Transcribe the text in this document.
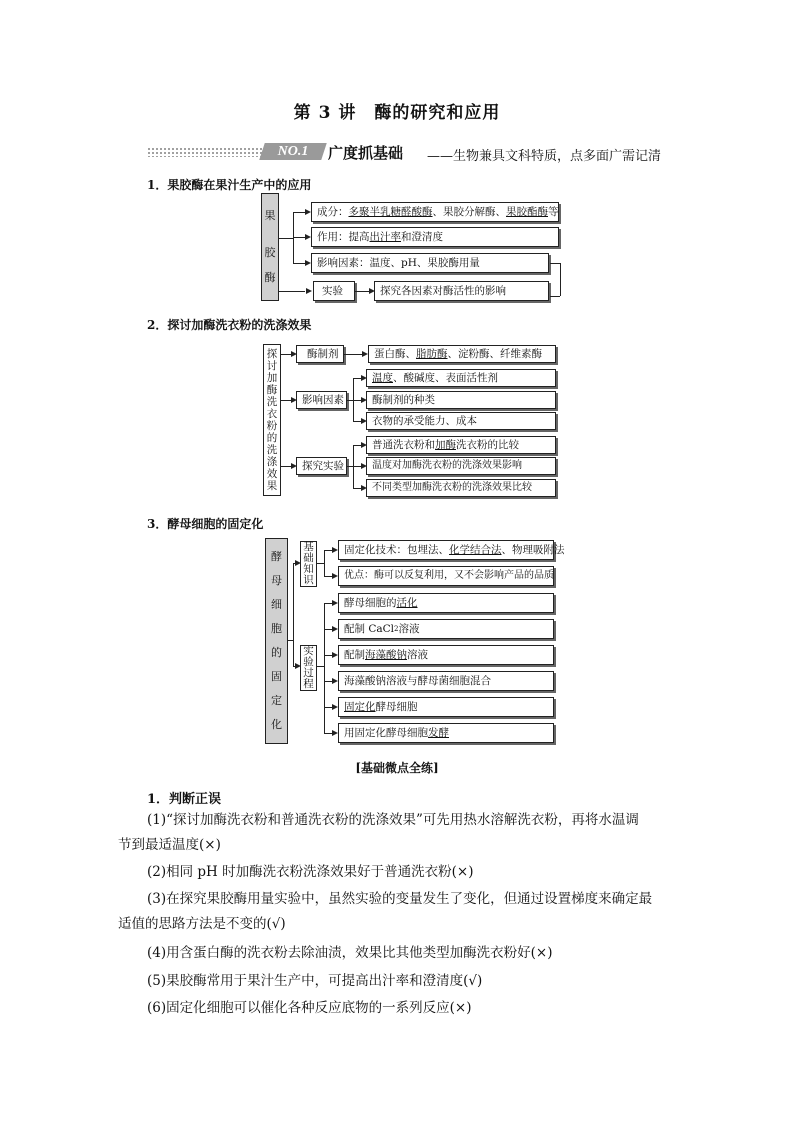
第 3 讲　酶的研究和应用
NO.1	广度抓基础 ——生物兼具文科特质，点多面广需记清
1．果胶酶在果汁生产中的应用
果

胶
酶
成分： 多聚半乳糖醛酸酶 、果胶分解酶、 果胶酯酶 等
作用：提高 出汁率 和澄清度
影响因素：温度、pH、果胶酶用量
实验	探究各因素对酶活性的影响
2．探讨加酶洗衣粉的洗涤效果
探
讨
加
酶
洗
衣
粉
的
洗
涤
效
果
酶制剂
影响因素
探究实验
蛋白酶、 脂肪酶 、淀粉酶、纤维素酶
温度 、酸碱度、表面活性剂
酶制剂的种类
衣物的承受能力、成本
普通洗衣粉和 加酶 洗衣粉的比较
温度对加酶洗衣粉的洗涤效果影响
不同类型加酶洗衣粉的洗涤效果比较
3．酵母细胞的固定化
酵
母
细
胞
的
固
定
化
基
础
知
识
实
验
过
程
固定化技术：包埋法、 化学结合法 、物理吸附法
优点：酶可以反复利用，又不会影响产品的品质
酵母细胞的 活化
配制 CaCl 2 溶液
配制 海藻酸钠 溶液
海藻酸钠溶液与酵母菌细胞混合
固定化 酵母细胞
用固定化酵母细胞 发酵
[基础微点全练]
1．判断正误
(1)“探讨加酶洗衣粉和普通洗衣粉的洗涤效果”可先用热水溶解洗衣粉，再将水温调
节到最适温度(×)
(2)相同 pH 时加酶洗衣粉洗涤效果好于普通洗衣粉(×)
(3)在探究果胶酶用量实验中，虽然实验的变量发生了变化，但通过设置梯度来确定最
适值的思路方法是不变的(√)
(4)用含蛋白酶的洗衣粉去除油渍，效果比其他类型加酶洗衣粉好(×)
(5)果胶酶常用于果汁生产中，可提高出汁率和澄清度(√)
(6)固定化细胞可以催化各种反应底物的一系列反应(×)
